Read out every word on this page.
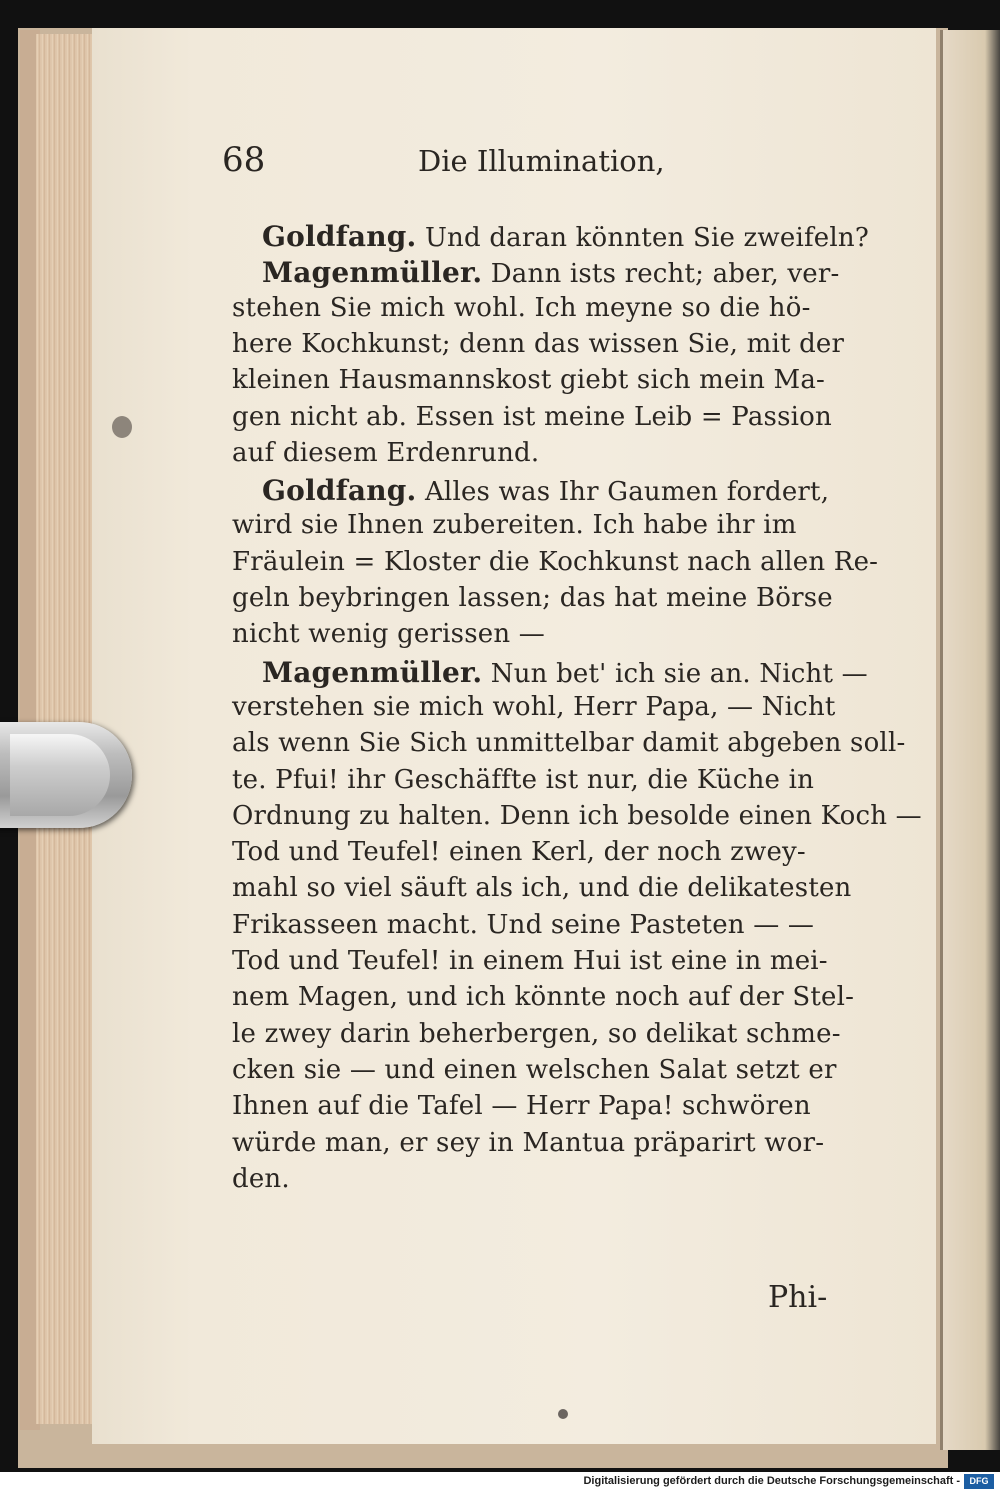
68	Die Illumination,
Goldfang. Und daran könnten Sie zweifeln?
Magenmüller. Dann ists recht; aber, ver-
stehen Sie mich wohl. Ich meyne so die hö-
here Kochkunst; denn das wissen Sie, mit der
kleinen Hausmannskost giebt sich mein Ma-
gen nicht ab. Essen ist meine Leib = Passion
auf diesem Erdenrund.
Goldfang. Alles was Ihr Gaumen fordert,
wird sie Ihnen zubereiten. Ich habe ihr im
Fräulein = Kloster die Kochkunst nach allen Re-
geln beybringen lassen; das hat meine Börse
nicht wenig gerissen —
Magenmüller. Nun bet' ich sie an. Nicht —
verstehen sie mich wohl, Herr Papa, — Nicht
als wenn Sie Sich unmittelbar damit abgeben soll-
te. Pfui! ihr Geschäffte ist nur, die Küche in
Ordnung zu halten. Denn ich besolde einen Koch —
Tod und Teufel! einen Kerl, der noch zwey-
mahl so viel säuft als ich, und die delikatesten
Frikasseen macht. Und seine Pasteten — —
Tod und Teufel! in einem Hui ist eine in mei-
nem Magen, und ich könnte noch auf der Stel-
le zwey darin beherbergen, so delikat schme-
cken sie — und einen welschen Salat setzt er
Ihnen auf die Tafel — Herr Papa! schwören
würde man, er sey in Mantua präparirt wor-
den.
Phi-
Digitalisierung gefördert durch die Deutsche Forschungsgemeinschaft -	DFG
